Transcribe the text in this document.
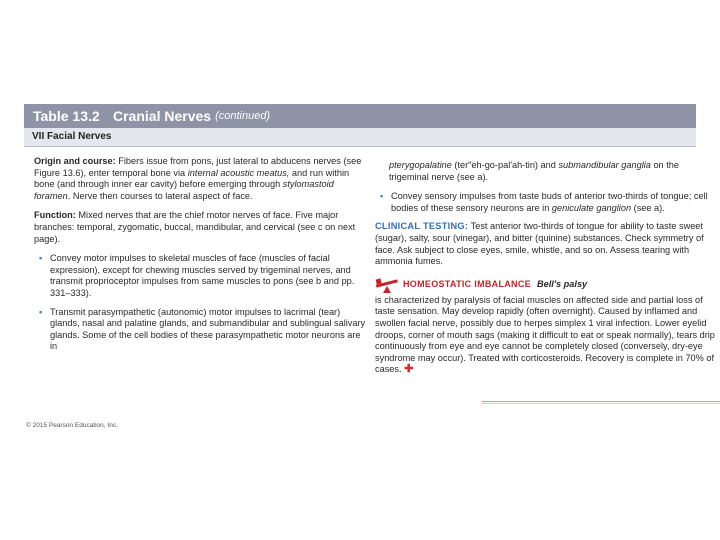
Table 13.2 Cranial Nerves (continued)
VII Facial Nerves

Origin and course: Fibers issue from pons, just lateral to abducens nerves (see Figure 13.6), enter temporal bone via internal acoustic meatus, and run within bone (and through inner ear cavity) before emerging through stylomastoid foramen. Nerve then courses to lateral aspect of face.

Function: Mixed nerves that are the chief motor nerves of face. Five major branches: temporal, zygomatic, buccal, mandibular, and cervical (see c on next page).

• Convey motor impulses to skeletal muscles of face (muscles of facial expression), except for chewing muscles served by trigeminal nerves, and transmit proprioceptor impulses from same muscles to pons (see b and pp. 331–333).
• Transmit parasympathetic (autonomic) motor impulses to lacrimal (tear) glands, nasal and palatine glands, and submandibular and sublingual salivary glands. Some of the cell bodies of these parasympathetic motor neurons are in
pterygopalatine (ter″eh-go-pal′ah-tin) and submandibular ganglia on the trigeminal nerve (see a).
• Convey sensory impulses from taste buds of anterior two-thirds of tongue; cell bodies of these sensory neurons are in geniculate ganglion (see a).

CLINICAL TESTING: Test anterior two-thirds of tongue for ability to taste sweet (sugar), salty, sour (vinegar), and bitter (quinine) substances. Check symmetry of face. Ask subject to close eyes, smile, whistle, and so on. Assess tearing with ammonia fumes.

HOMEOSTATIC IMBALANCE Bell's palsy
is characterized by paralysis of facial muscles on affected side and partial loss of taste sensation. May develop rapidly (often overnight). Caused by inflamed and swollen facial nerve, possibly due to herpes simplex 1 viral infection. Lower eyelid droops, corner of mouth sags (making it difficult to eat or speak normally), tears drip continuously from eye and eye cannot be completely closed (conversely, dry-eye syndrome may occur). Treated with corticosteroids. Recovery is complete in 70% of cases. ✚
© 2015 Pearson Education, Inc.
